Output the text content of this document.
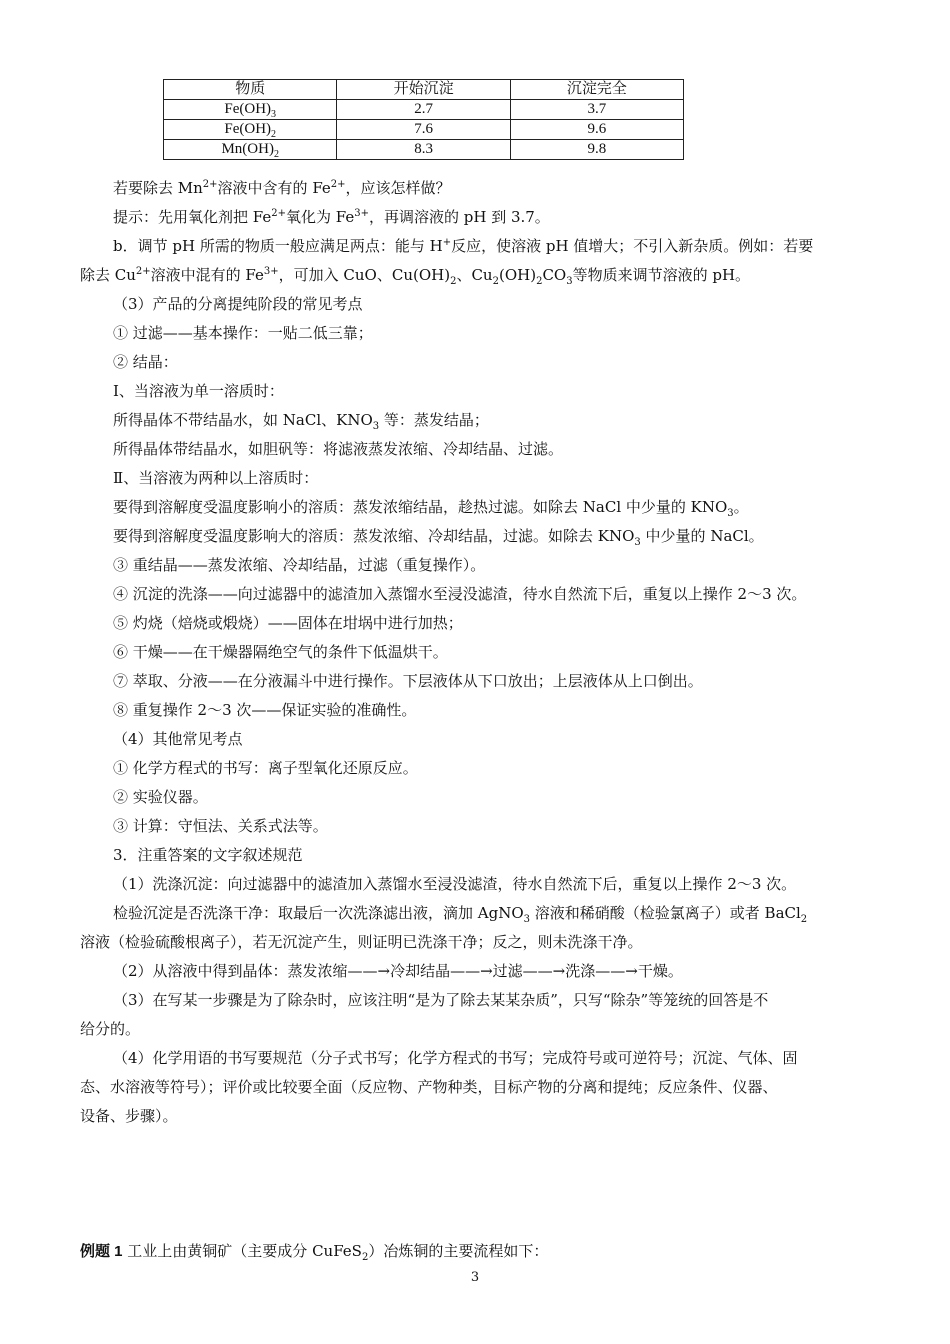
物质	开始沉淀	沉淀完全
$Fe(OH)_3$	2.7	3.7
$Fe(OH)_2$	7.6	9.6
$Mn(OH)_2$	8.3	9.8
若要除去 $Mn^{2+}$溶液中含有的 $Fe^{2+}$，应该怎样做？
提示：先用氧化剂把 $Fe^{2+}$氧化为 $Fe^{3+}$，再调溶液的 pH 到 3.7。
b．调节 pH 所需的物质一般应满足两点：能与 H+反应，使溶液 pH 值增大；不引入新杂质。例如：若要
除去 $Cu^{2+}$溶液中混有的 $Fe^{3+}$，可加入 CuO、$Cu(OH)_2$、$Cu_2(OH)_2CO_3$等物质来调节溶液的 pH。
（3）产品的分离提纯阶段的常见考点
① 过滤——基本操作：一贴二低三靠；
② 结晶：
Ⅰ、当溶液为单一溶质时：
所得晶体不带结晶水，如 NaCl、$KNO_3$ 等：蒸发结晶；
所得晶体带结晶水，如胆矾等：将滤液蒸发浓缩、冷却结晶、过滤。
Ⅱ、当溶液为两种以上溶质时：
要得到溶解度受温度影响小的溶质：蒸发浓缩结晶，趁热过滤。如除去 NaCl 中少量的 $KNO_3$。
要得到溶解度受温度影响大的溶质：蒸发浓缩、冷却结晶，过滤。如除去 $KNO_3$ 中少量的 NaCl。
③ 重结晶——蒸发浓缩、冷却结晶，过滤（重复操作）。
④ 沉淀的洗涤——向过滤器中的滤渣加入蒸馏水至浸没滤渣，待水自然流下后，重复以上操作 2～3 次。
⑤ 灼烧（焙烧或煅烧）——固体在坩埚中进行加热；
⑥ 干燥——在干燥器隔绝空气的条件下低温烘干。
⑦ 萃取、分液——在分液漏斗中进行操作。下层液体从下口放出；上层液体从上口倒出。
⑧ 重复操作 2～3 次——保证实验的准确性。
（4）其他常见考点
① 化学方程式的书写：离子型氧化还原反应。
② 实验仪器。
③ 计算：守恒法、关系式法等。
3．注重答案的文字叙述规范
（1）洗涤沉淀：向过滤器中的滤渣加入蒸馏水至浸没滤渣，待水自然流下后，重复以上操作 2～3 次。
检验沉淀是否洗涤干净：取最后一次洗涤滤出液，滴加 AgNO$_3$ 溶液和稀硝酸（检验氯离子）或者 BaCl$_2$
溶液（检验硫酸根离子），若无沉淀产生，则证明已洗涤干净；反之，则未洗涤干净。
（2）从溶液中得到晶体：蒸发浓缩——→冷却结晶——→过滤——→洗涤——→干燥。
（3）在写某一步骤是为了除杂时，应该注明“是为了除去某某杂质”，只写“除杂”等笼统的回答是不
给分的。
（4）化学用语的书写要规范（分子式书写；化学方程式的书写；完成符号或可逆符号；沉淀、气体、固
态、水溶液等符号）；评价或比较要全面（反应物、产物种类，目标产物的分离和提纯；反应条件、仪器、
设备、步骤）。
例题 1 工业上由黄铜矿（主要成分 CuFeS$_2$）冶炼铜的主要流程如下：
3
